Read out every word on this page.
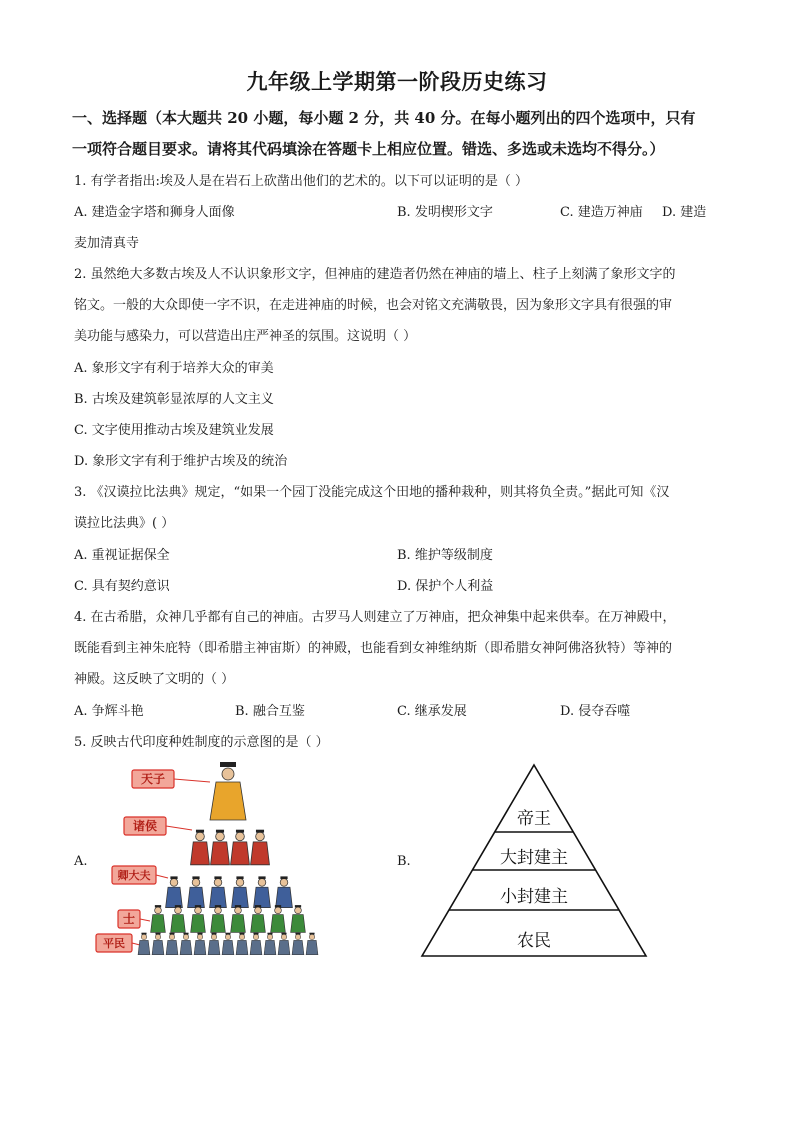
九年级上学期第一阶段历史练习
一、选择题（本大题共 20 小题，每小题 2 分，共 40 分。在每小题列出的四个选项中，只有
一项符合题目要求。请将其代码填涂在答题卡上相应位置。错选、多选或未选均不得分。）
1. 有学者指出:埃及人是在岩石上砍凿出他们的艺术的。以下可以证明的是（ ）
A. 建造金字塔和狮身人面像	B. 发明楔形文字	C. 建造万神庙 D. 建造
麦加清真寺
2. 虽然绝大多数古埃及人不认识象形文字，但神庙的建造者仍然在神庙的墙上、柱子上刻满了象形文字的
铭文。一般的大众即使一字不识，在走进神庙的时候，也会对铭文充满敬畏，因为象形文字具有很强的审
美功能与感染力，可以营造出庄严神圣的氛围。这说明（ ）
A. 象形文字有利于培养大众的审美
B. 古埃及建筑彰显浓厚的人文主义
C. 文字使用推动古埃及建筑业发展
D. 象形文字有利于维护古埃及的统治
3. 《汉谟拉比法典》规定，“如果一个园丁没能完成这个田地的播种栽种，则其将负全责。”据此可知《汉
谟拉比法典》( ）
A. 重视证据保全	B. 维护等级制度
C. 具有契约意识	D. 保护个人利益
4. 在古希腊，众神几乎都有自己的神庙。古罗马人则建立了万神庙，把众神集中起来供奉。在万神殿中，
既能看到主神朱庇特（即希腊主神宙斯）的神殿，也能看到女神维纳斯（即希腊女神阿佛洛狄特）等神的
神殿。这反映了文明的（ ）
A. 争辉斗艳	B. 融合互鉴	C. 继承发展	D. 侵夺吞噬
5. 反映古代印度种姓制度的示意图的是（ ）
A.	B.
天子
诸侯
卿大夫
士
平民
帝王
大封建主
小封建主
农民
